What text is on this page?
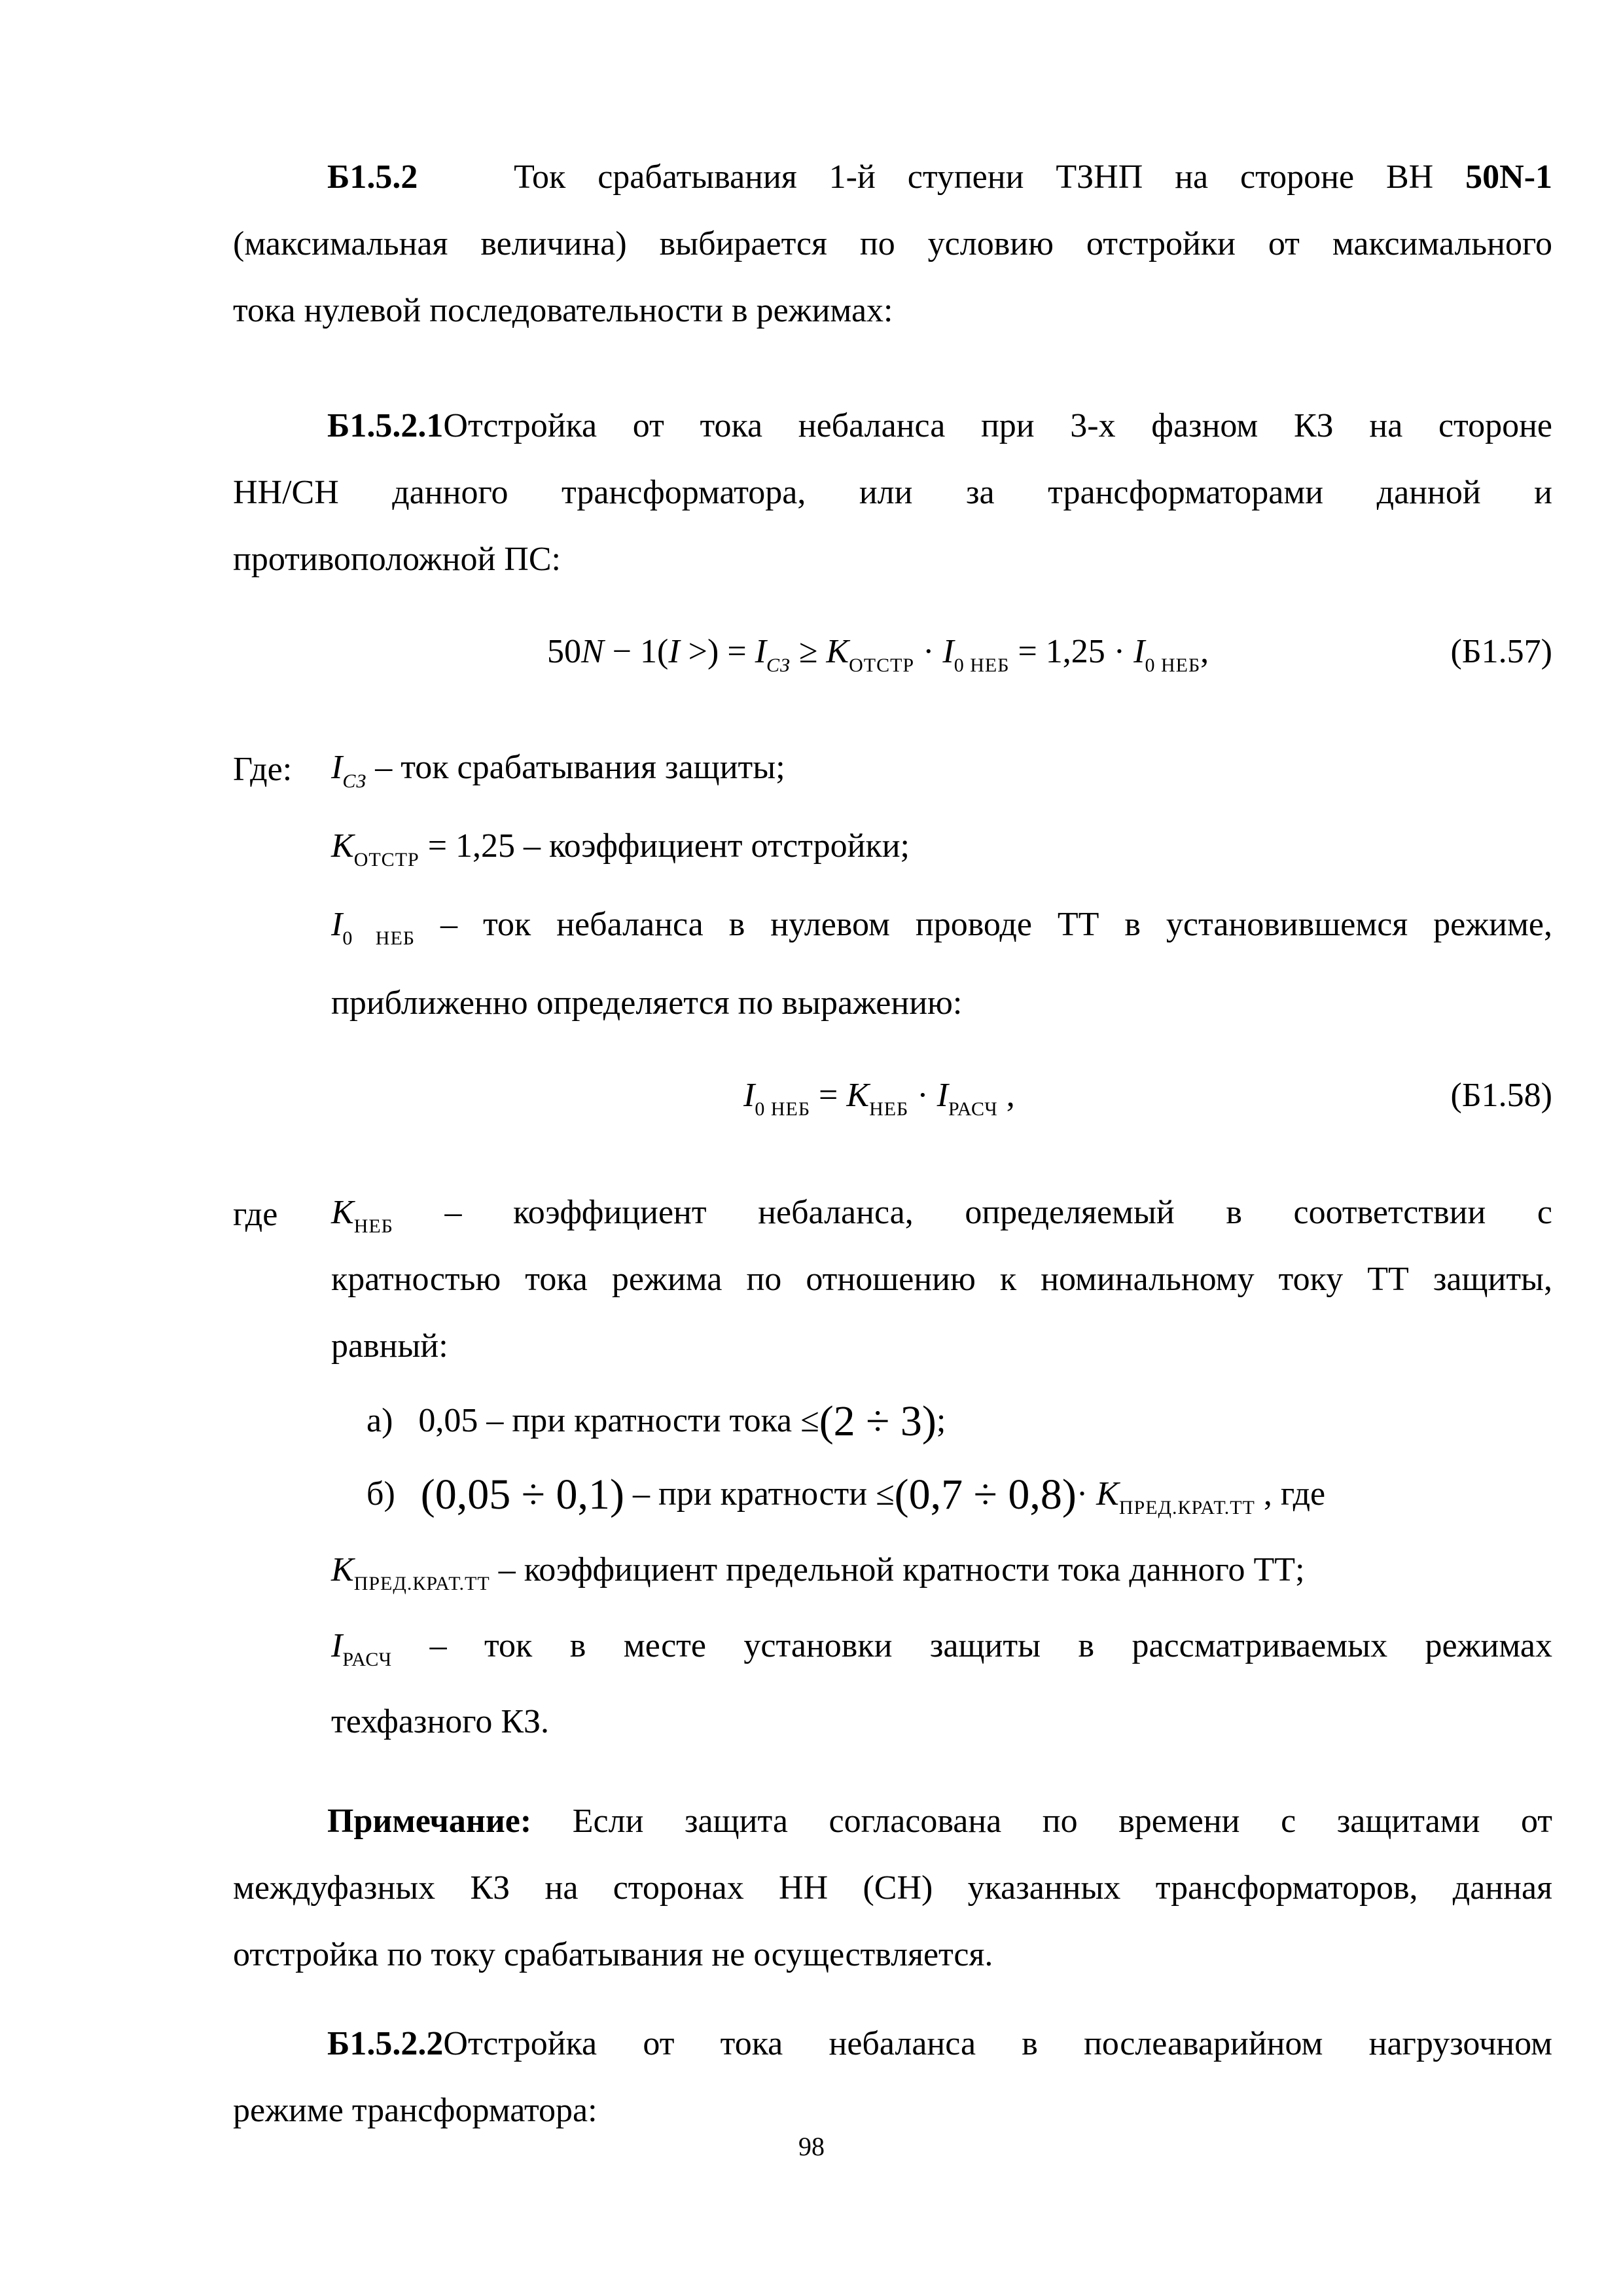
Б1.5.2	Ток срабатывания 1-й ступени ТЗНП на стороне ВН 50N-1
(максимальная величина) выбирается по условию отстройки от максимального
тока нулевой последовательности в режимах:
Б1.5.2.1Отстройка от тока небаланса при 3-х фазном КЗ на стороне
НН/СН данного трансформатора, или за трансформаторами данной и
противоположной ПС:
50N − 1(I >) = $I_{СЗ} \ge K_{ОТСТР} \cdot I_{0 НЕБ} = 1,25 \cdot I_{0 НЕБ}$,	(Б1.57)
Где: $I_{СЗ}$ – ток срабатывания защиты;
$K_{ОТСТР} = 1,25$ – коэффициент отстройки;
$I_{0 НЕБ}$ – ток небаланса в нулевом проводе ТТ в установившемся режиме,
приближенно определяется по выражению:
$I_{0 НЕБ} = K_{НЕБ} \cdot I_{РАСЧ}$ ,	(Б1.58)
где $K_{НЕБ}$ – коэффициент небаланса, определяемый в соответствии с
кратностью тока режима по отношению к номинальному току ТТ защиты,
равный:
а) 0,05 – при кратности тока ≤(2 ÷ 3);
б) (0,05 ÷ 0,1) – при кратности $\le(0,7 \div 0,8)\cdot K_{ПРЕД.КРАТ.ТТ}$ , где
$K_{ПРЕД.КРАТ.ТТ}$ – коэффициент предельной кратности тока данного ТТ;
$I_{РАСЧ}$ – ток в месте установки защиты в рассматриваемых режимах
техфазного КЗ.
Примечание: Если защита согласована по времени с защитами от
междуфазных КЗ на сторонах НН (СН) указанных трансформаторов, данная
отстройка по току срабатывания не осуществляется.
Б1.5.2.2Отстройка от тока небаланса в послеаварийном нагрузочном
режиме трансформатора:
98
